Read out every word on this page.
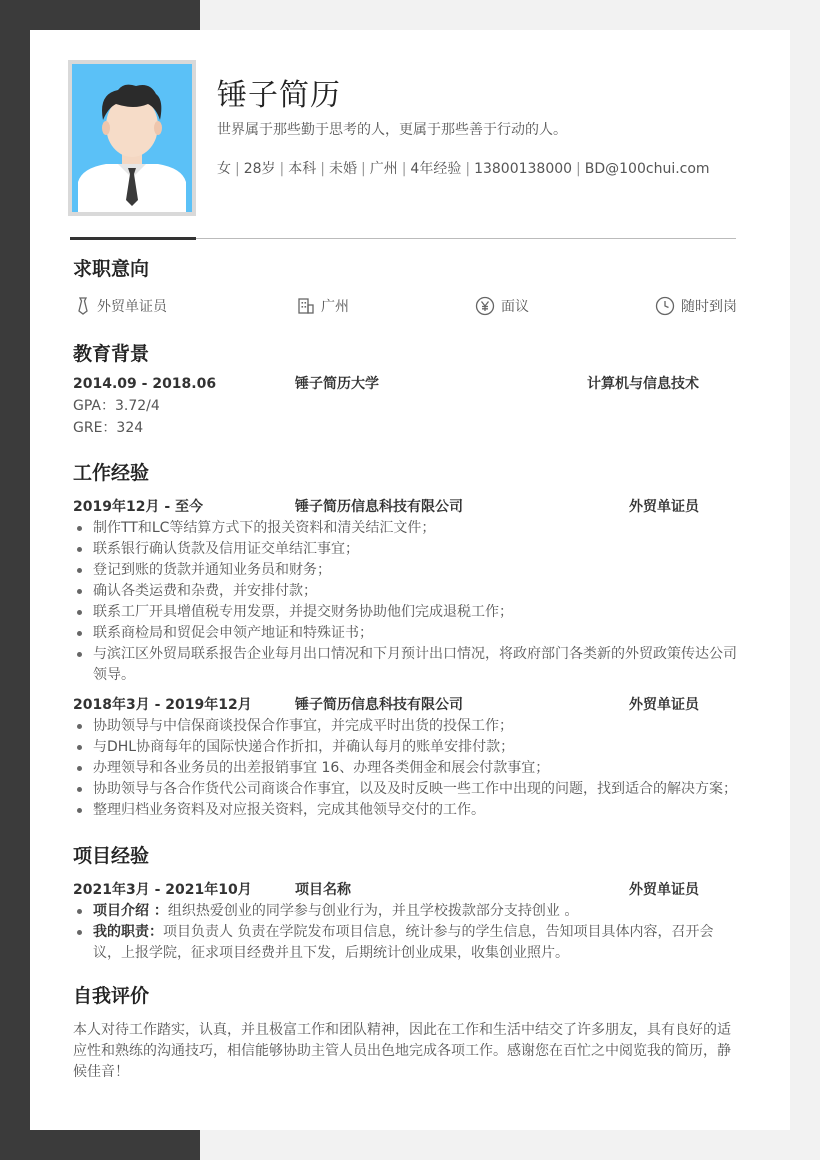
锤子简历
世界属于那些勤于思考的人，更属于那些善于行动的人。
女 | 28岁 | 本科 | 未婚 | 广州 | 4年经验 | 13800138000 | BD@100chui.com
求职意向
外贸单证员	广州	面议	随时到岗
教育背景
2014.09 - 2018.06	锤子简历大学	计算机与信息技术
GPA：3.72/4
GRE：324
工作经验
2019年12月 - 至今	锤子简历信息科技有限公司	外贸单证员
制作TT和LC等结算方式下的报关资料和清关结汇文件；
联系银行确认货款及信用证交单结汇事宜；
登记到账的货款并通知业务员和财务；
确认各类运费和杂费，并安排付款；
联系工厂开具增值税专用发票，并提交财务协助他们完成退税工作；
联系商检局和贸促会申领产地证和特殊证书；
与滨江区外贸局联系报告企业每月出口情况和下月预计出口情况，将政府部门各类新的外贸政策传达公司领导。
2018年3月 - 2019年12月	锤子简历信息科技有限公司	外贸单证员
协助领导与中信保商谈投保合作事宜，并完成平时出货的投保工作；
与DHL协商每年的国际快递合作折扣，并确认每月的账单安排付款；
办理领导和各业务员的出差报销事宜 16、办理各类佣金和展会付款事宜；
协助领导与各合作货代公司商谈合作事宜，以及及时反映一些工作中出现的问题，找到适合的解决方案；
整理归档业务资料及对应报关资料，完成其他领导交付的工作。
项目经验
2021年3月 - 2021年10月	项目名称	外贸单证员
项目介绍 ：组织热爱创业的同学参与创业行为，并且学校拨款部分支持创业 。
我的职责：项目负责人 负责在学院发布项目信息，统计参与的学生信息，告知项目具体内容，召开会议，上报学院，征求项目经费并且下发，后期统计创业成果，收集创业照片。
自我评价

本人对待工作踏实，认真，并且极富工作和团队精神，因此在工作和生活中结交了许多朋友，具有良好的适应性和熟练的沟通技巧，相信能够协助主管人员出色地完成各项工作。感谢您在百忙之中阅览我的简历，静候佳音！
